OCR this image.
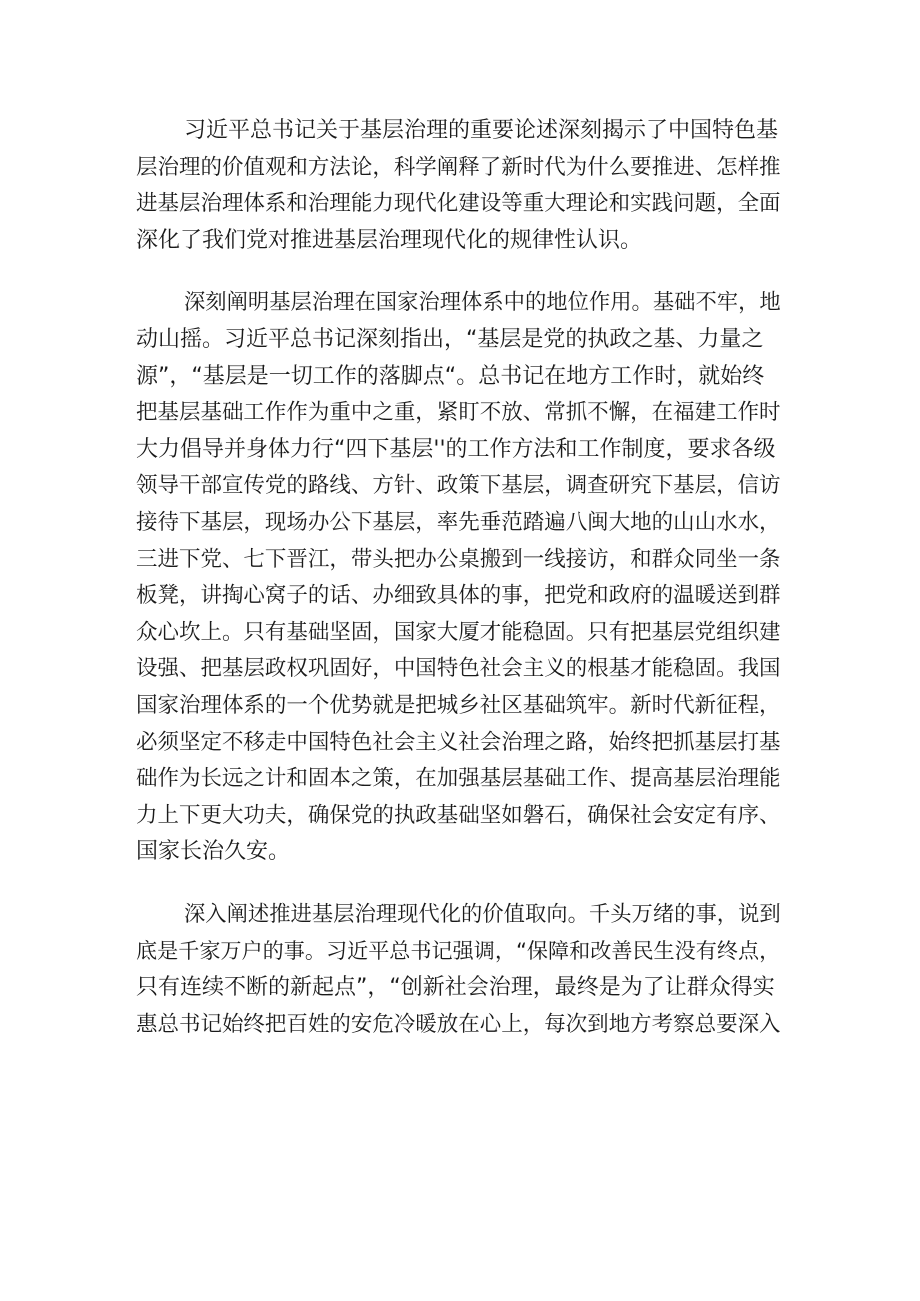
习近平总书记关于基层治理的重要论述深刻揭示了中国特色基
层治理的价值观和方法论，科学阐释了新时代为什么要推进、怎样推
进基层治理体系和治理能力现代化建设等重大理论和实践问题，全面
深化了我们党对推进基层治理现代化的规律性认识。
深刻阐明基层治理在国家治理体系中的地位作用。基础不牢，地
动山摇。习近平总书记深刻指出，“基层是党的执政之基、力量之
源”，“基层是一切工作的落脚点“。总书记在地方工作时，就始终
把基层基础工作作为重中之重，紧盯不放、常抓不懈，在福建工作时
大力倡导并身体力行“四下基层''的工作方法和工作制度，要求各级
领导干部宣传党的路线、方针、政策下基层，调查研究下基层，信访
接待下基层，现场办公下基层，率先垂范踏遍八闽大地的山山水水，
三进下党、七下晋江，带头把办公桌搬到一线接访，和群众同坐一条
板凳，讲掏心窝子的话、办细致具体的事，把党和政府的温暖送到群
众心坎上。只有基础坚固，国家大厦才能稳固。只有把基层党组织建
设强、把基层政权巩固好，中国特色社会主义的根基才能稳固。我国
国家治理体系的一个优势就是把城乡社区基础筑牢。新时代新征程，
必须坚定不移走中国特色社会主义社会治理之路，始终把抓基层打基
础作为长远之计和固本之策，在加强基层基础工作、提高基层治理能
力上下更大功夫，确保党的执政基础坚如磐石，确保社会安定有序、
国家长治久安。
深入阐述推进基层治理现代化的价值取向。千头万绪的事，说到
底是千家万户的事。习近平总书记强调，“保障和改善民生没有终点，
只有连续不断的新起点”，“创新社会治理，最终是为了让群众得实
惠总书记始终把百姓的安危冷暖放在心上，每次到地方考察总要深入
